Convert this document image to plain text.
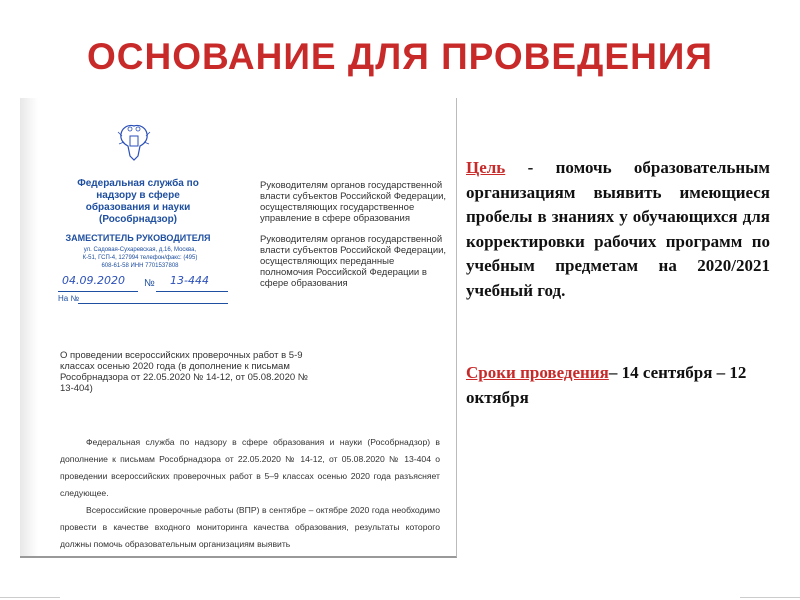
ОСНОВАНИЕ ДЛЯ ПРОВЕДЕНИЯ
Федеральная служба по надзору в сфере образования и науки (Рособрнадзор)
ЗАМЕСТИТЕЛЬ РУКОВОДИТЕЛЯ
ул. Садовая-Сухаревская, д.16, Москва, К-51, ГСП-4, 127994 телефон/факс: (495) 608-61-58 ИНН 7701537808
04.09.2020 № 13-444
На №

Руководителям органов государственной власти субъектов Российской Федерации, осуществляющих государственное управление в сфере образования

Руководителям органов государственной власти субъектов Российской Федерации, осуществляющих переданные полномочия Российской Федерации в сфере образования

О проведении всероссийских проверочных работ в 5-9 классах осенью 2020 года (в дополнение к письмам Рособрнадзора от 22.05.2020 № 14-12, от 05.08.2020 № 13-404)

Федеральная служба по надзору в сфере образования и науки (Рособрнадзор) в дополнение к письмам Рособрнадзора от 22.05.2020 № 14-12, от 05.08.2020 № 13-404 о проведении всероссийских проверочных работ в 5–9 классах осенью 2020 года разъясняет следующее.

Всероссийские проверочные работы (ВПР) в сентябре – октябре 2020 года необходимо провести в качестве входного мониторинга качества образования, результаты которого должны помочь образовательным организациям выявить

Цель - помочь образовательным организациям выявить имеющиеся пробелы в знаниях у обучающихся для корректировки рабочих программ по учебным предметам на 2020/2021 учебный год.

Сроки проведения– 14 сентября – 12 октября
